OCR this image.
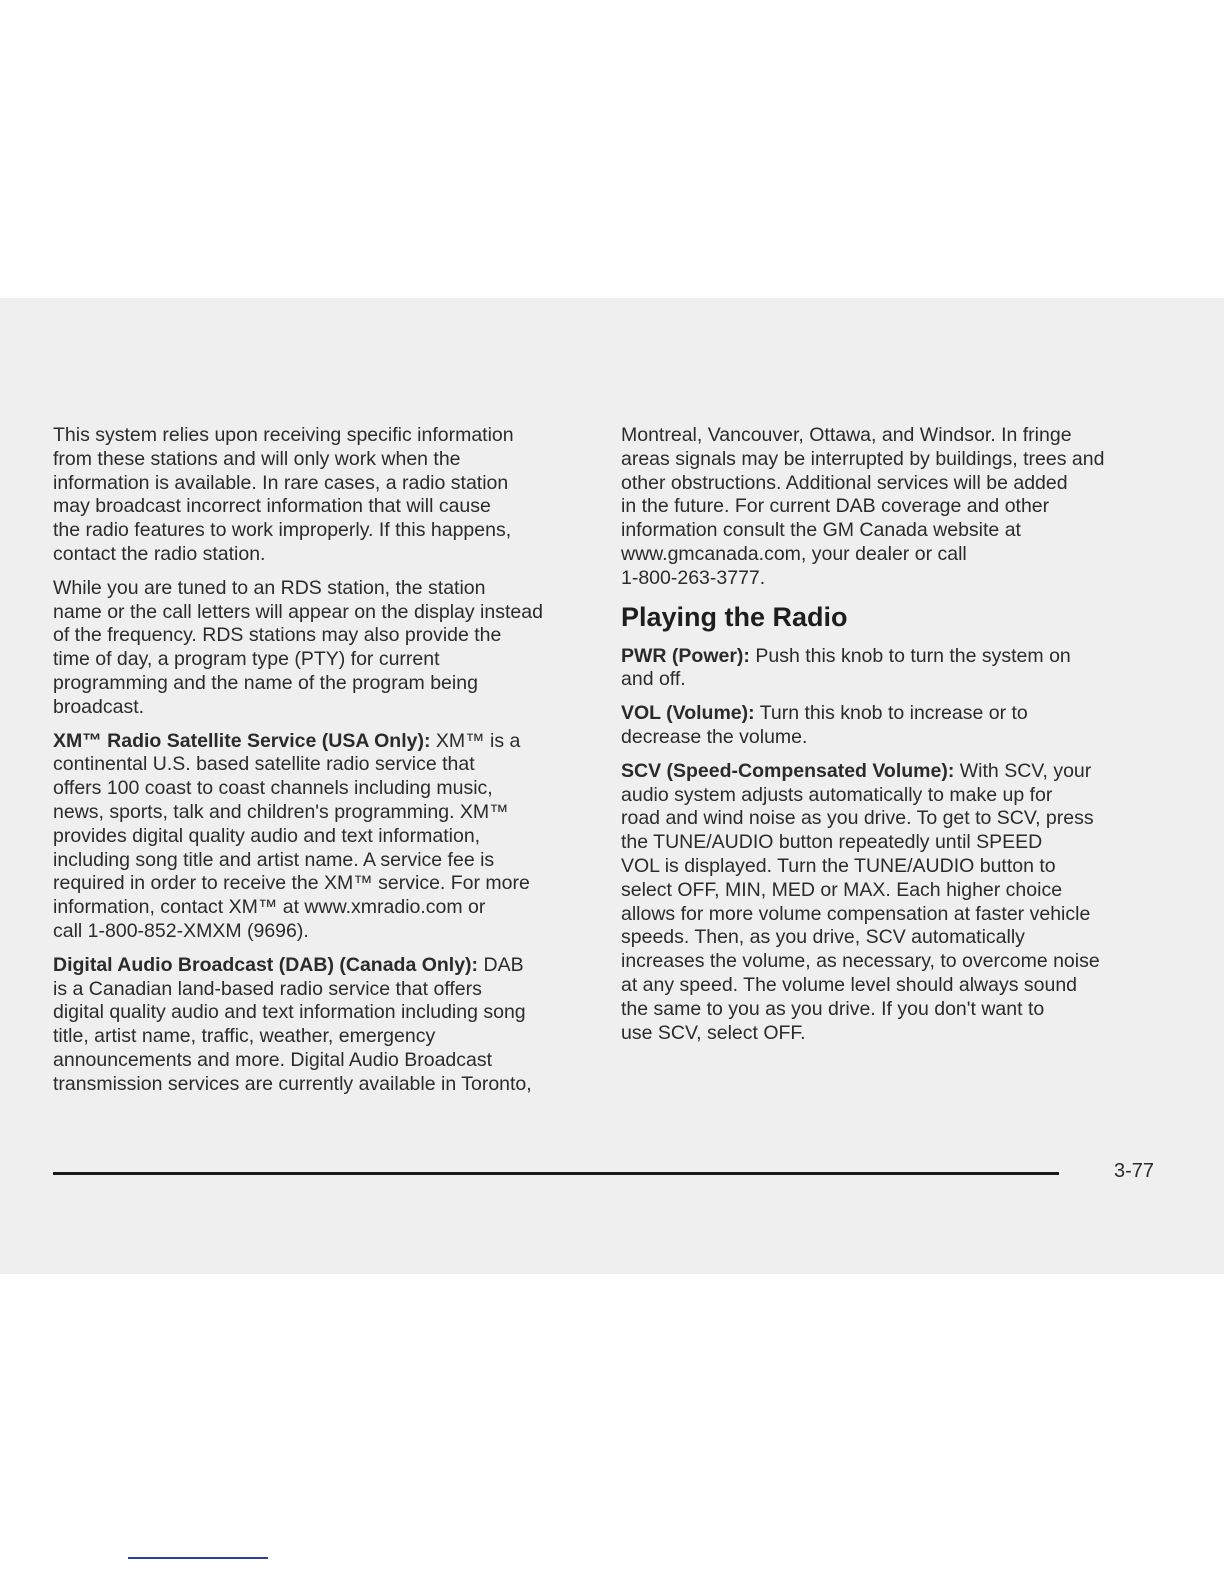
This system relies upon receiving specific information
from these stations and will only work when the
information is available. In rare cases, a radio station
may broadcast incorrect information that will cause
the radio features to work improperly. If this happens,
contact the radio station.

While you are tuned to an RDS station, the station
name or the call letters will appear on the display instead
of the frequency. RDS stations may also provide the
time of day, a program type (PTY) for current
programming and the name of the program being
broadcast.

XM™ Radio Satellite Service (USA Only): XM™ is a
continental U.S. based satellite radio service that
offers 100 coast to coast channels including music,
news, sports, talk and children's programming. XM™
provides digital quality audio and text information,
including song title and artist name. A service fee is
required in order to receive the XM™ service. For more
information, contact XM™ at www.xmradio.com or
call 1-800-852-XMXM (9696).

Digital Audio Broadcast (DAB) (Canada Only): DAB
is a Canadian land-based radio service that offers
digital quality audio and text information including song
title, artist name, traffic, weather, emergency
announcements and more. Digital Audio Broadcast
transmission services are currently available in Toronto,

Montreal, Vancouver, Ottawa, and Windsor. In fringe
areas signals may be interrupted by buildings, trees and
other obstructions. Additional services will be added
in the future. For current DAB coverage and other
information consult the GM Canada website at
www.gmcanada.com, your dealer or call
1-800-263-3777.

Playing the Radio

PWR (Power): Push this knob to turn the system on
and off.

VOL (Volume): Turn this knob to increase or to
decrease the volume.

SCV (Speed-Compensated Volume): With SCV, your
audio system adjusts automatically to make up for
road and wind noise as you drive. To get to SCV, press
the TUNE/AUDIO button repeatedly until SPEED
VOL is displayed. Turn the TUNE/AUDIO button to
select OFF, MIN, MED or MAX. Each higher choice
allows for more volume compensation at faster vehicle
speeds. Then, as you drive, SCV automatically
increases the volume, as necessary, to overcome noise
at any speed. The volume level should always sound
the same to you as you drive. If you don't want to
use SCV, select OFF.

3-77
